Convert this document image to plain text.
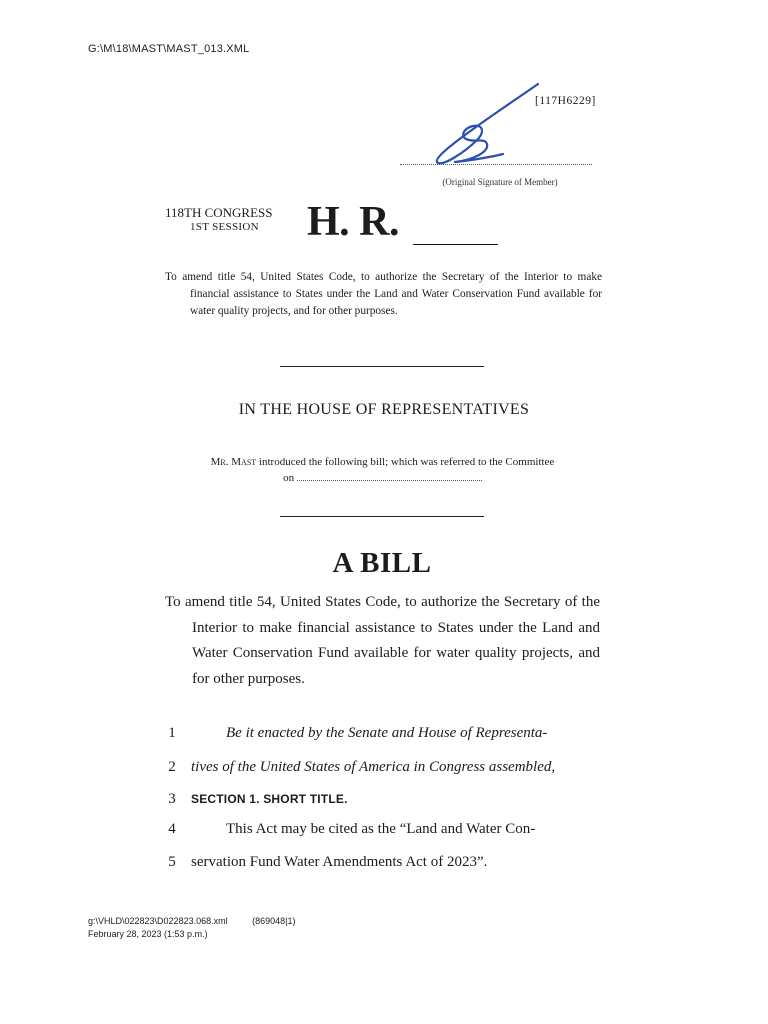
G:\M\18\MAST\MAST_013.XML
[117H6229]
(Original Signature of Member)
118TH CONGRESS
1ST SESSION H. R.
To amend title 54, United States Code, to authorize the Secretary of the Interior to make financial assistance to States under the Land and Water Conservation Fund available for water quality projects, and for other purposes.
IN THE HOUSE OF REPRESENTATIVES
Mr. Mast introduced the following bill; which was referred to the Committee
on
A BILL
To amend title 54, United States Code, to authorize the Secretary of the Interior to make financial assistance to States under the Land and Water Conservation Fund available for water quality projects, and for other purposes.
1	Be it enacted by the Senate and House of Representa-
2 tives of the United States of America in Congress assembled,
3 SECTION 1. SHORT TITLE.
4	This Act may be cited as the “Land and Water Con-
5 servation Fund Water Amendments Act of 2023”.
g:\VHLD\022823\D022823.068.xml	(869048|1)
February 28, 2023 (1:53 p.m.)
